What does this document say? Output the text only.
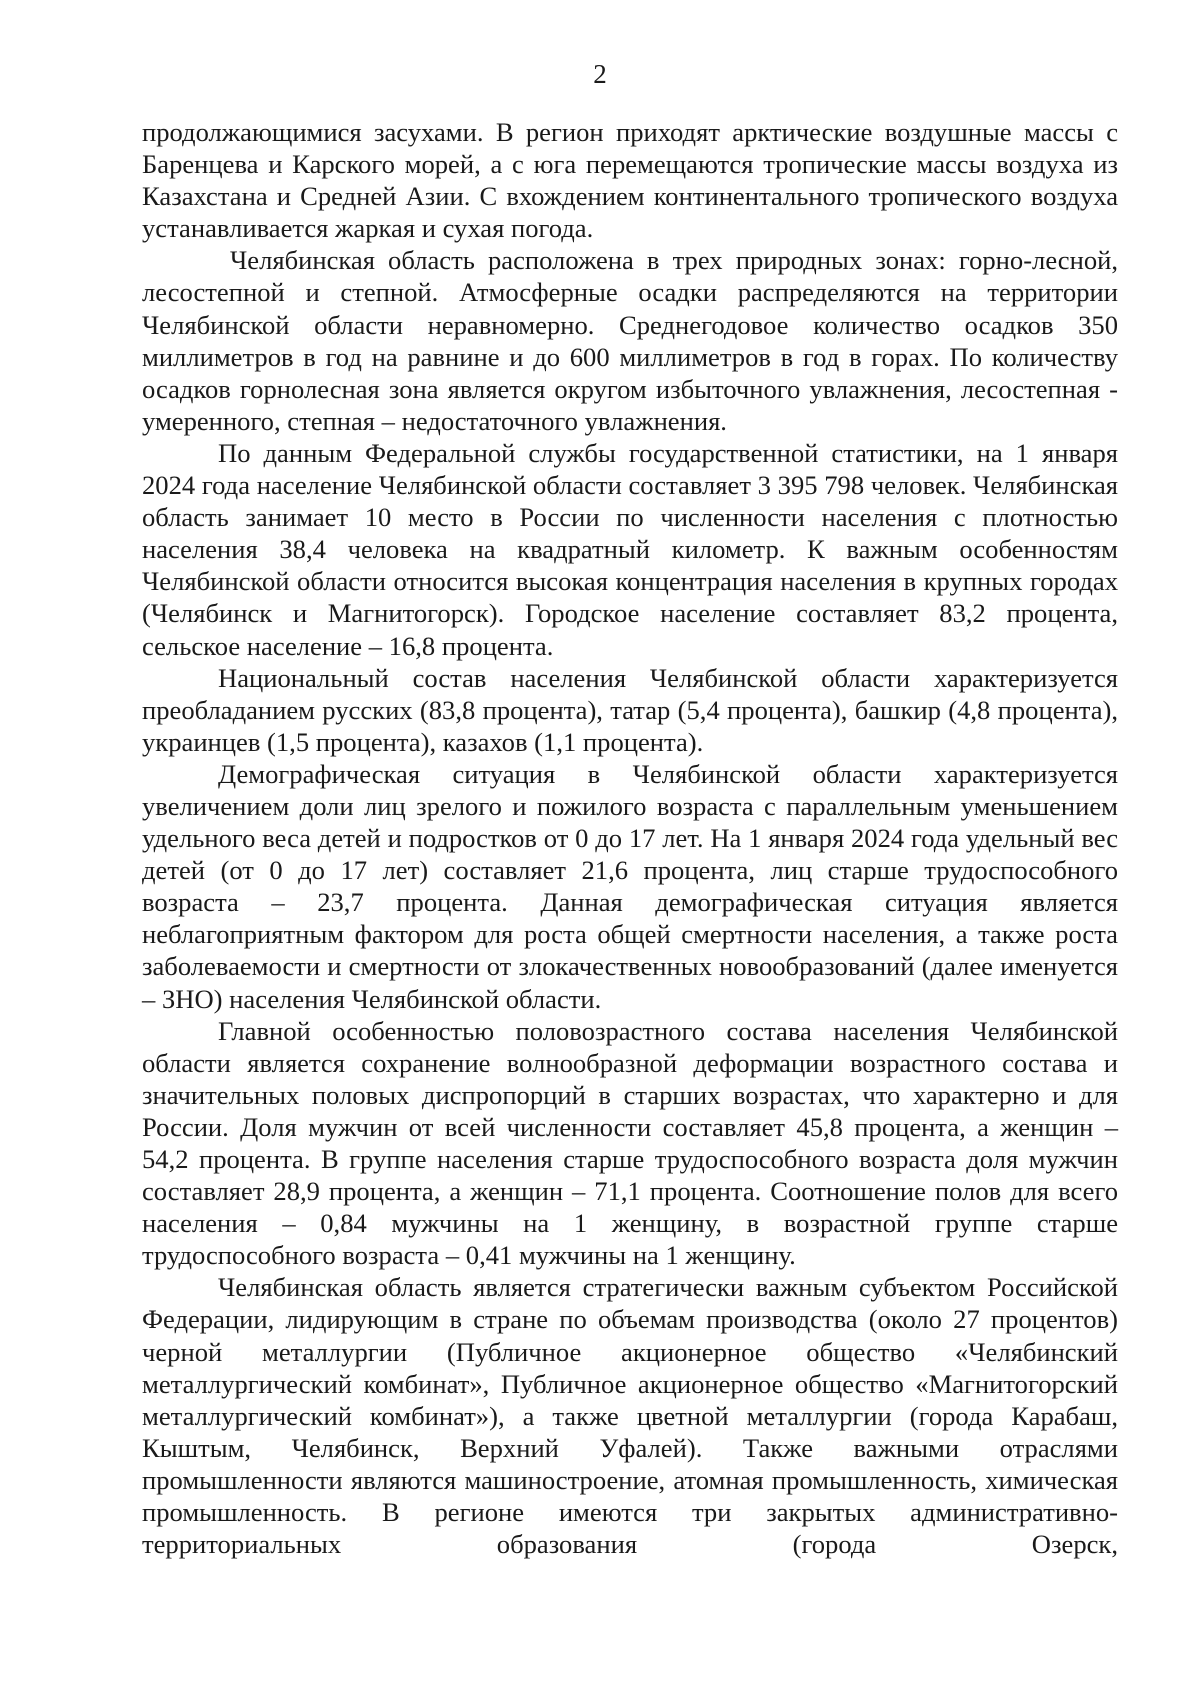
2

продолжающимися засухами. В регион приходят арктические воздушные массы с Баренцева и Карского морей, а с юга перемещаются тропические массы воздуха из Казахстана и Средней Азии. С вхождением континентального тропического воздуха устанавливается жаркая и сухая погода.

Челябинская область расположена в трех природных зонах: горно-лесной, лесостепной и степной. Атмосферные осадки распределяются на территории Челябинской области неравномерно. Среднегодовое количество осадков 350 миллиметров в год на равнине и до 600 миллиметров в год в горах. По количеству осадков горнолесная зона является округом избыточного увлажнения, лесостепная - умеренного, степная – недостаточного увлажнения.

По данным Федеральной службы государственной статистики, на 1 января 2024 года население Челябинской области составляет 3 395 798 человек. Челябинская область занимает 10 место в России по численности населения с плотностью населения 38,4 человека на квадратный километр. К важным особенностям Челябинской области относится высокая концентрация населения в крупных городах (Челябинск и Магнитогорск). Городское население составляет 83,2 процента, сельское население – 16,8 процента.

Национальный состав населения Челябинской области характеризуется преобладанием русских (83,8 процента), татар (5,4 процента), башкир (4,8 процента), украинцев (1,5 процента), казахов (1,1 процента).

Демографическая ситуация в Челябинской области характеризуется увеличением доли лиц зрелого и пожилого возраста с параллельным уменьшением удельного веса детей и подростков от 0 до 17 лет. На 1 января 2024 года удельный вес детей (от 0 до 17 лет) составляет 21,6 процента, лиц старше трудоспособного возраста – 23,7 процента. Данная демографическая ситуация является неблагоприятным фактором для роста общей смертности населения, а также роста заболеваемости и смертности от злокачественных новообразований (далее именуется – ЗНО) населения Челябинской области.

Главной особенностью половозрастного состава населения Челябинской области является сохранение волнообразной деформации возрастного состава и значительных половых диспропорций в старших возрастах, что характерно и для России. Доля мужчин от всей численности составляет 45,8 процента, а женщин – 54,2 процента. В группе населения старше трудоспособного возраста доля мужчин составляет 28,9 процента, а женщин – 71,1 процента. Соотношение полов для всего населения – 0,84 мужчины на 1 женщину, в возрастной группе старше трудоспособного возраста – 0,41 мужчины на 1 женщину.

Челябинская область является стратегически важным субъектом Российской Федерации, лидирующим в стране по объемам производства (около 27 процентов) черной металлургии (Публичное акционерное общество «Челябинский металлургический комбинат», Публичное акционерное общество «Магнитогорский металлургический комбинат»), а также цветной металлургии (города Карабаш, Кыштым, Челябинск, Верхний Уфалей). Также важными отраслями промышленности являются машиностроение, атомная промышленность, химическая промышленность. В регионе имеются три закрытых административно-территориальных образования (города Озерск,
